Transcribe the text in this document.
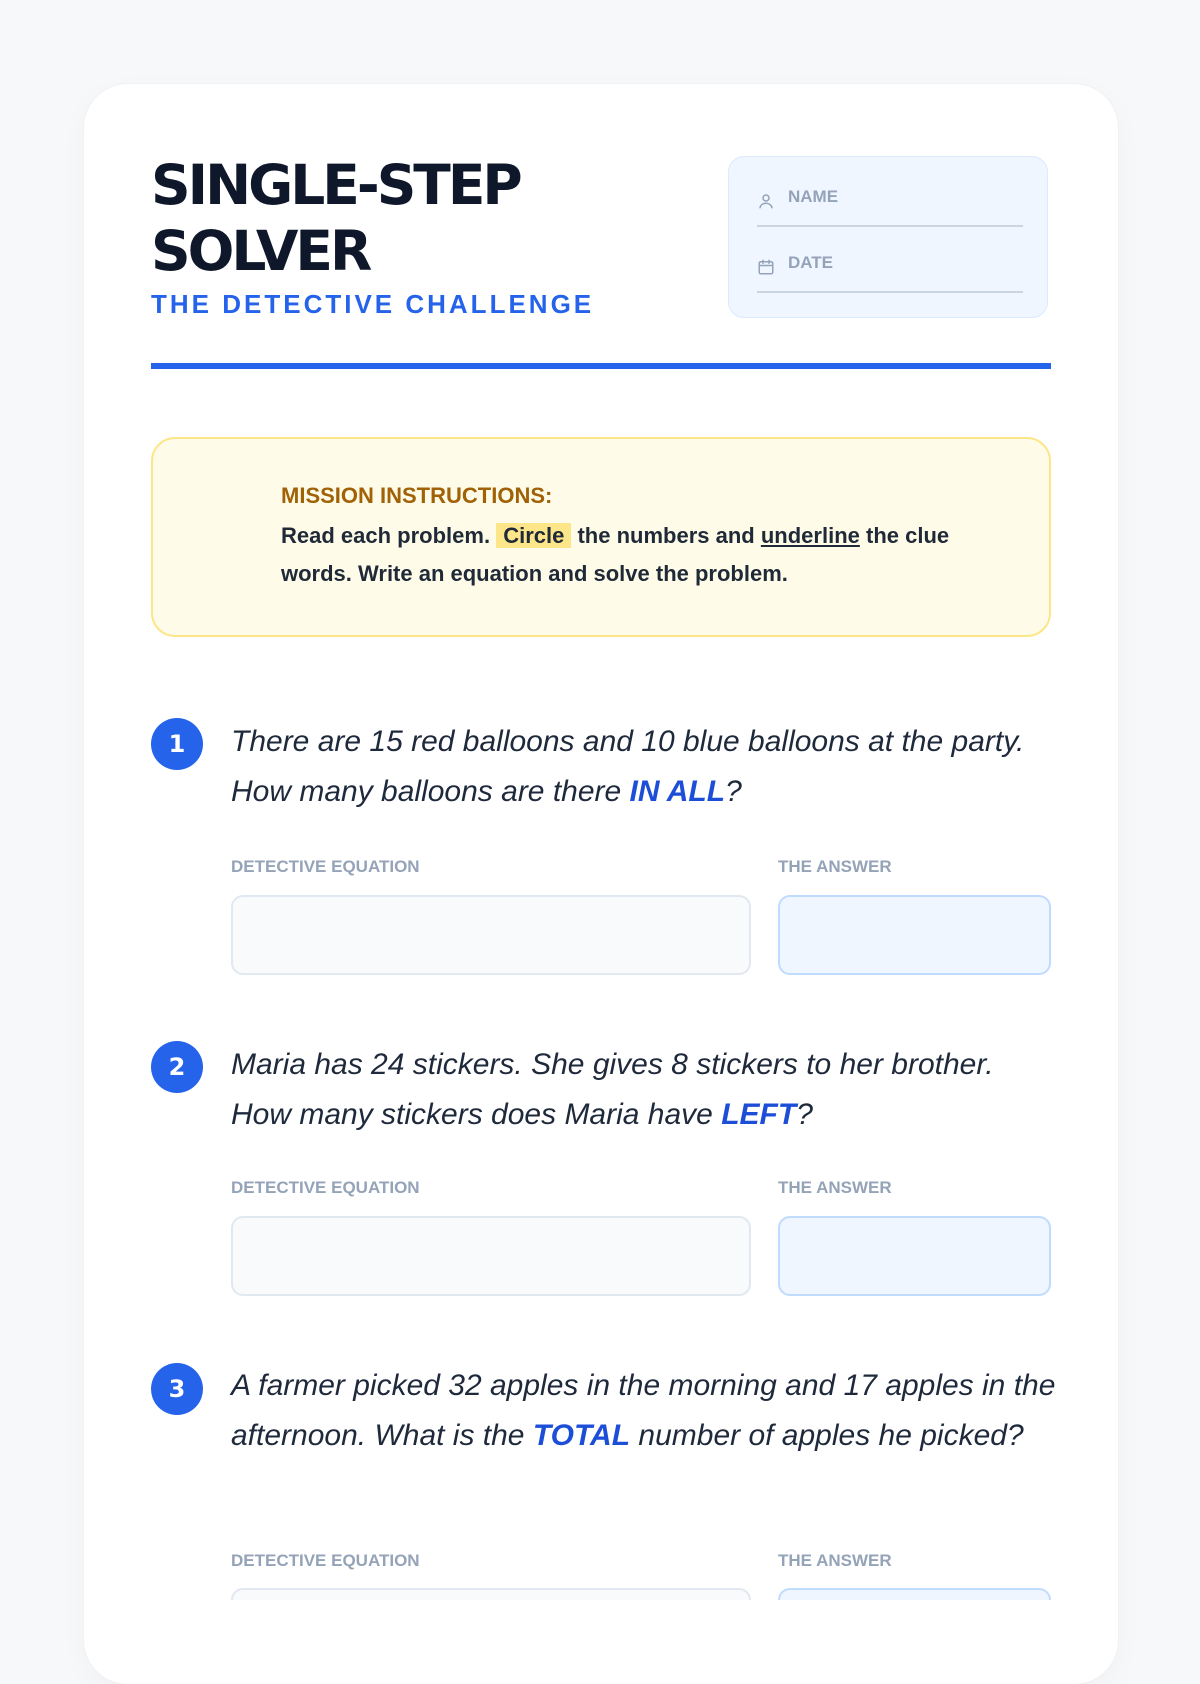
SINGLE-STEP
SOLVER
THE DETECTIVE CHALLENGE
NAME
DATE

MISSION INSTRUCTIONS:

Read each problem. Circle the numbers and underline the clue words. Write an equation and solve the problem.

1	There are 15 red balloons and 10 blue balloons at the party. How many balloons are there IN ALL?

DETECTIVE EQUATION	THE ANSWER
2	Maria has 24 stickers. She gives 8 stickers to her brother. How many stickers does Maria have LEFT?

DETECTIVE EQUATION	THE ANSWER
3	A farmer picked 32 apples in the morning and 17 apples in the afternoon. What is the TOTAL number of apples he picked?

DETECTIVE EQUATION	THE ANSWER
